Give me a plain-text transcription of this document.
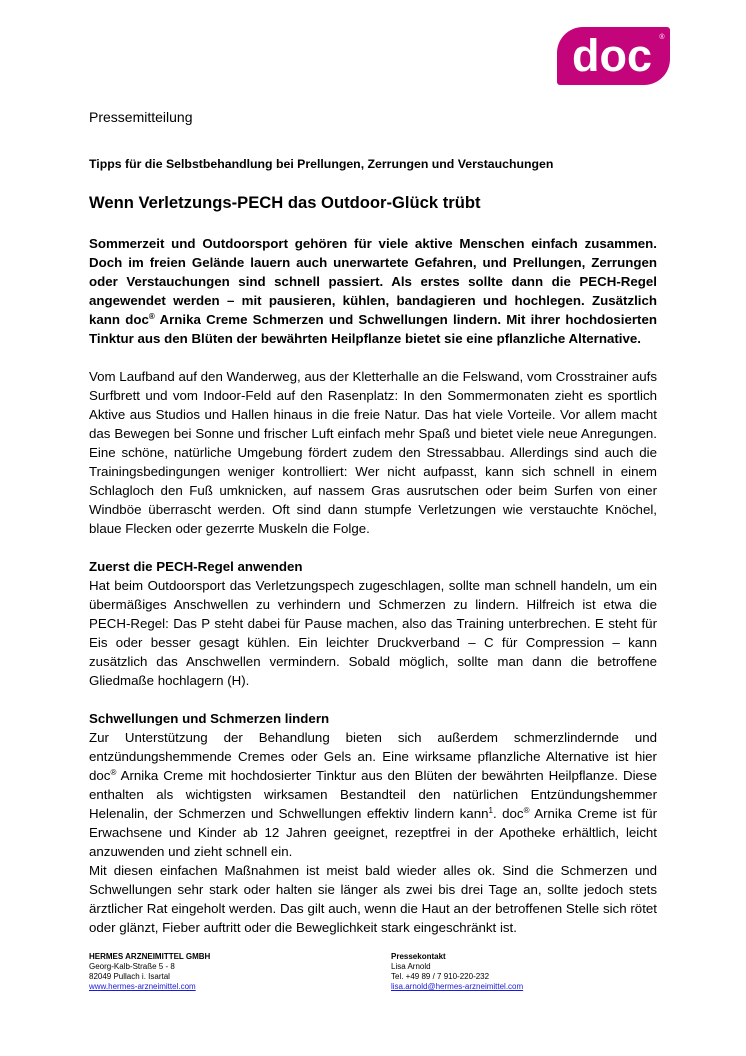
doc ®
Pressemitteilung
Tipps für die Selbstbehandlung bei Prellungen, Zerrungen und Verstauchungen
Wenn Verletzungs-PECH das Outdoor-Glück trübt

Sommerzeit und Outdoorsport gehören für viele aktive Menschen einfach zusammen. Doch im freien Gelände lauern auch unerwartete Gefahren, und Prellungen, Zerrungen oder Verstauchungen sind schnell passiert. Als erstes sollte dann die PECH-Regel angewendet werden – mit pausieren, kühlen, bandagieren und hochlegen. Zusätzlich kann doc® Arnika Creme Schmerzen und Schwellungen lindern. Mit ihrer hochdosierten Tinktur aus den Blüten der bewährten Heilpflanze bietet sie eine pflanzliche Alternative.

Vom Laufband auf den Wanderweg, aus der Kletterhalle an die Felswand, vom Crosstrainer aufs Surfbrett und vom Indoor-Feld auf den Rasenplatz: In den Sommermonaten zieht es sportlich Aktive aus Studios und Hallen hinaus in die freie Natur. Das hat viele Vorteile. Vor allem macht das Bewegen bei Sonne und frischer Luft einfach mehr Spaß und bietet viele neue Anregungen. Eine schöne, natürliche Umgebung fördert zudem den Stressabbau. Allerdings sind auch die Trainingsbedingungen weniger kontrolliert: Wer nicht aufpasst, kann sich schnell in einem Schlagloch den Fuß umknicken, auf nassem Gras ausrutschen oder beim Surfen von einer Windböe überrascht werden. Oft sind dann stumpfe Verletzungen wie verstauchte Knöchel, blaue Flecken oder gezerrte Muskeln die Folge.

Zuerst die PECH-Regel anwenden

Hat beim Outdoorsport das Verletzungspech zugeschlagen, sollte man schnell handeln, um ein übermäßiges Anschwellen zu verhindern und Schmerzen zu lindern. Hilfreich ist etwa die PECH-Regel: Das P steht dabei für Pause machen, also das Training unterbrechen. E steht für Eis oder besser gesagt kühlen. Ein leichter Druckverband – C für Compression – kann zusätzlich das Anschwellen vermindern. Sobald möglich, sollte man dann die betroffene Gliedmaße hochlagern (H).

Schwellungen und Schmerzen lindern

Zur Unterstützung der Behandlung bieten sich außerdem schmerzlindernde und entzündungshemmende Cremes oder Gels an. Eine wirksame pflanzliche Alternative ist hier doc® Arnika Creme mit hochdosierter Tinktur aus den Blüten der bewährten Heilpflanze. Diese enthalten als wichtigsten wirksamen Bestandteil den natürlichen Entzündungshemmer Helenalin, der Schmerzen und Schwellungen effektiv lindern kann$^1$. doc® Arnika Creme ist für Erwachsene und Kinder ab 12 Jahren geeignet, rezeptfrei in der Apotheke erhältlich, leicht anzuwenden und zieht schnell ein.

Mit diesen einfachen Maßnahmen ist meist bald wieder alles ok. Sind die Schmerzen und Schwellungen sehr stark oder halten sie länger als zwei bis drei Tage an, sollte jedoch stets ärztlicher Rat eingeholt werden. Das gilt auch, wenn die Haut an der betroffenen Stelle sich rötet oder glänzt, Fieber auftritt oder die Beweglichkeit stark eingeschränkt ist.

HERMES ARZNEIMITTEL GMBH
Georg-Kalb-Straße 5 - 8
82049 Pullach i. Isartal
www.hermes-arzneimittel.com
Pressekontakt
Lisa Arnold
Tel. +49 89 / 7 910-220-232
lisa.arnold@hermes-arzneimittel.com
